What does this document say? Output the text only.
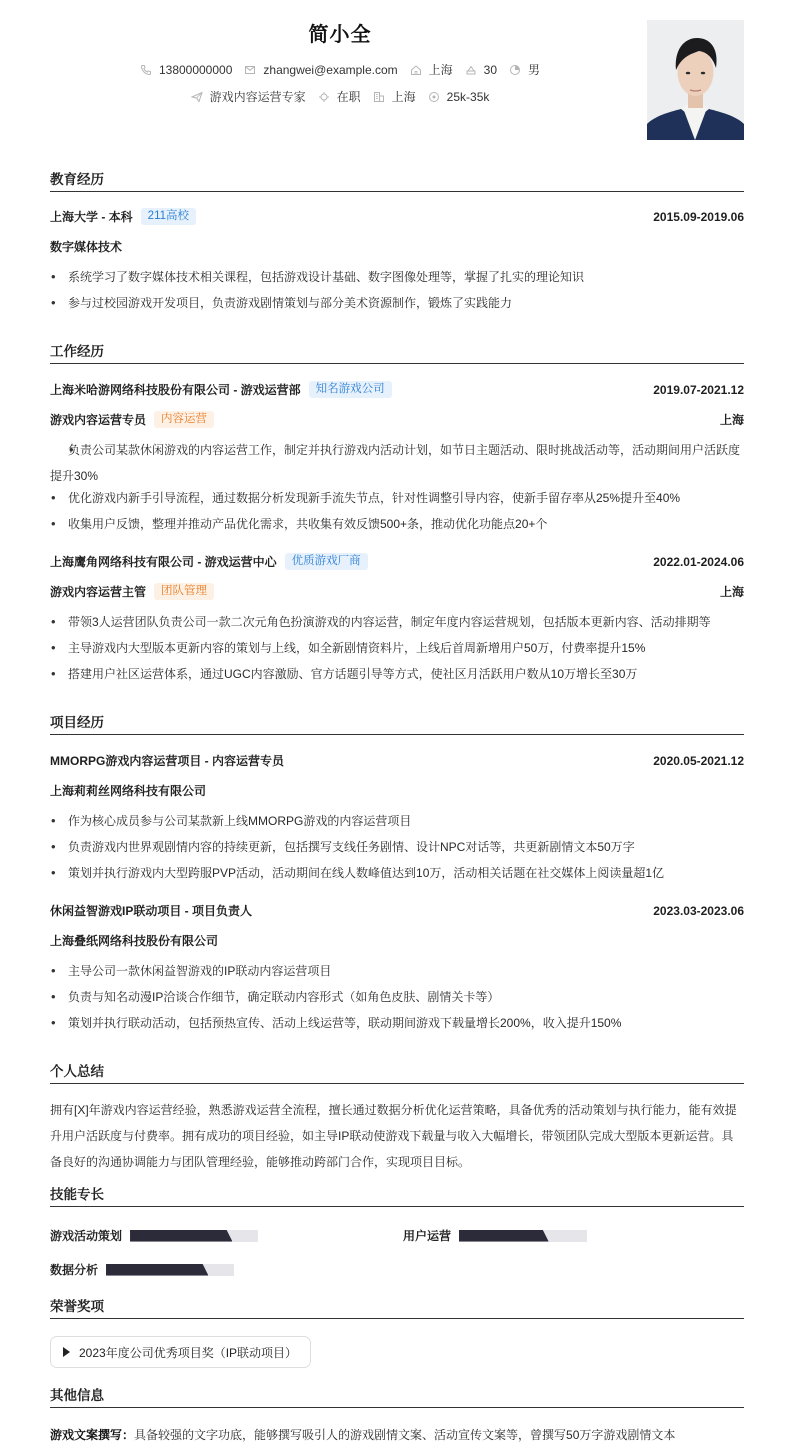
简小全
13800000000	zhangwei@example.com	上海	30	男
游戏内容运营专家	在职	上海	25k-35k
教育经历
上海大学 - 本科	211高校	2015.09-2019.06
数字媒体技术
• 系统学习了数字媒体技术相关课程，包括游戏设计基础、数字图像处理等，掌握了扎实的理论知识
• 参与过校园游戏开发项目，负责游戏剧情策划与部分美术资源制作，锻炼了实践能力
工作经历
上海米哈游网络科技股份有限公司 - 游戏运营部	知名游戏公司	2019.07-2021.12
游戏内容运营专员	内容运营	上海
• 负责公司某款休闲游戏的内容运营工作，制定并执行游戏内活动计划，如节日主题活动、限时挑战活动等，活动期间用户活跃度提升30%
• 优化游戏内新手引导流程，通过数据分析发现新手流失节点，针对性调整引导内容，使新手留存率从25%提升至40%
• 收集用户反馈，整理并推动产品优化需求，共收集有效反馈500+条，推动优化功能点20+个
上海鹰角网络科技有限公司 - 游戏运营中心	优质游戏厂商	2022.01-2024.06
游戏内容运营主管	团队管理	上海
• 带领3人运营团队负责公司一款二次元角色扮演游戏的内容运营，制定年度内容运营规划，包括版本更新内容、活动排期等
• 主导游戏内大型版本更新内容的策划与上线，如全新剧情资料片，上线后首周新增用户50万，付费率提升15%
• 搭建用户社区运营体系，通过UGC内容激励、官方话题引导等方式，使社区月活跃用户数从10万增长至30万
项目经历
MMORPG游戏内容运营项目 - 内容运营专员	2020.05-2021.12
上海莉莉丝网络科技有限公司
• 作为核心成员参与公司某款新上线MMORPG游戏的内容运营项目
• 负责游戏内世界观剧情内容的持续更新，包括撰写支线任务剧情、设计NPC对话等，共更新剧情文本50万字
• 策划并执行游戏内大型跨服PVP活动，活动期间在线人数峰值达到10万，活动相关话题在社交媒体上阅读量超1亿
休闲益智游戏IP联动项目 - 项目负责人	2023.03-2023.06
上海叠纸网络科技股份有限公司
• 主导公司一款休闲益智游戏的IP联动内容运营项目
• 负责与知名动漫IP洽谈合作细节，确定联动内容形式（如角色皮肤、剧情关卡等）
• 策划并执行联动活动，包括预热宣传、活动上线运营等，联动期间游戏下载量增长200%，收入提升150%
个人总结
拥有[X]年游戏内容运营经验，熟悉游戏运营全流程，擅长通过数据分析优化运营策略，具备优秀的活动策划与执行能力，能有效提升用户活跃度与付费率。拥有成功的项目经验，如主导IP联动使游戏下载量与收入大幅增长，带领团队完成大型版本更新运营。具备良好的沟通协调能力与团队管理经验，能够推动跨部门合作，实现项目目标。
技能专长
游戏活动策划	用户运营
数据分析
荣誉奖项
2023年度公司优秀项目奖（IP联动项目）
其他信息
游戏文案撰写：具备较强的文字功底，能够撰写吸引人的游戏剧情文案、活动宣传文案等，曾撰写50万字游戏剧情文本
